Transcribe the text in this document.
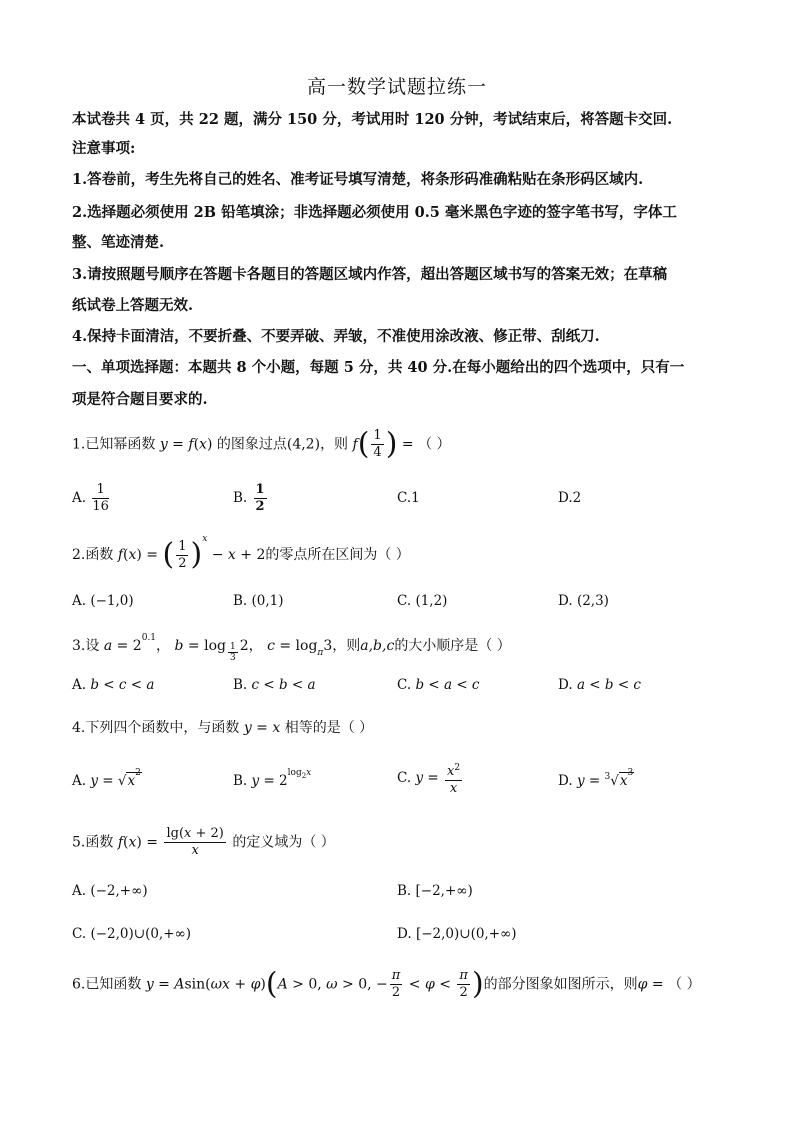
高一数学试题拉练一
本试卷共 4 页，共 22 题，满分 150 分，考试用时 120 分钟，考试结束后，将答题卡交回.
注意事项:
1.答卷前，考生先将自己的姓名、准考证号填写清楚，将条形码准确粘贴在条形码区域内.
2.选择题必须使用 2B 铅笔填涂；非选择题必须使用 0.5 毫米黑色字迹的签字笔书写，字体工
整、笔迹清楚.
3.请按照题号顺序在答题卡各题目的答题区域内作答，超出答题区域书写的答案无效；在草稿
纸试卷上答题无效.
4.保持卡面清洁，不要折叠、不要弄破、弄皱，不准使用涂改液、修正带、刮纸刀.
一、单项选择题：本题共 8 个小题，每题 5 分，共 40 分.在每小题给出的四个选项中，只有一
项是符合题目要求的.
1.已知幂函数 y = f(x) 的图象过点(4,2)，则 $f( \frac{1}{4}$ ) = （ ）
A. $\frac{1}{16}$	B. $\frac{1}{2}$	C.1	D.2
2.函数 f(x) = ( $\frac{1}{2} )^x - x + 2$的零点所在区间为（ ）
A. (−1,0)	B. (0,1)	C. (1,2)	D. (2,3)
3.设 $a = 2^{0.1}$， b = log $_{\frac{1}{3}}$ 2， $c = \log_\pi 3$，则a,b,c的大小顺序是（ ）
A. b < c < a	B. c < b < a	C. b < a < c	D. a < b < c
4.下列四个函数中，与函数 y = x 相等的是（ ）
A. $y = √x^2$	B. $y = 2^{log_2x}$	C. $y = \frac{x^2}{x}$	D. $y = ^3√x^3$
5.函数 $f(x) = \frac{\lg(x + 2)}{x}$ 的定义域为（ ）
A. (−2,+∞)	B. [−2,+∞)
C. (−2,0)∪(0,+∞)	D. [−2,0)∪(0,+∞)
6.已知函数 y = Asin(ωx + φ)(A > 0, ω > 0, − $\frac{\pi}{2} < \varphi < \frac{\pi}{2}$ )的部分图象如图所示，则φ = （ ）
